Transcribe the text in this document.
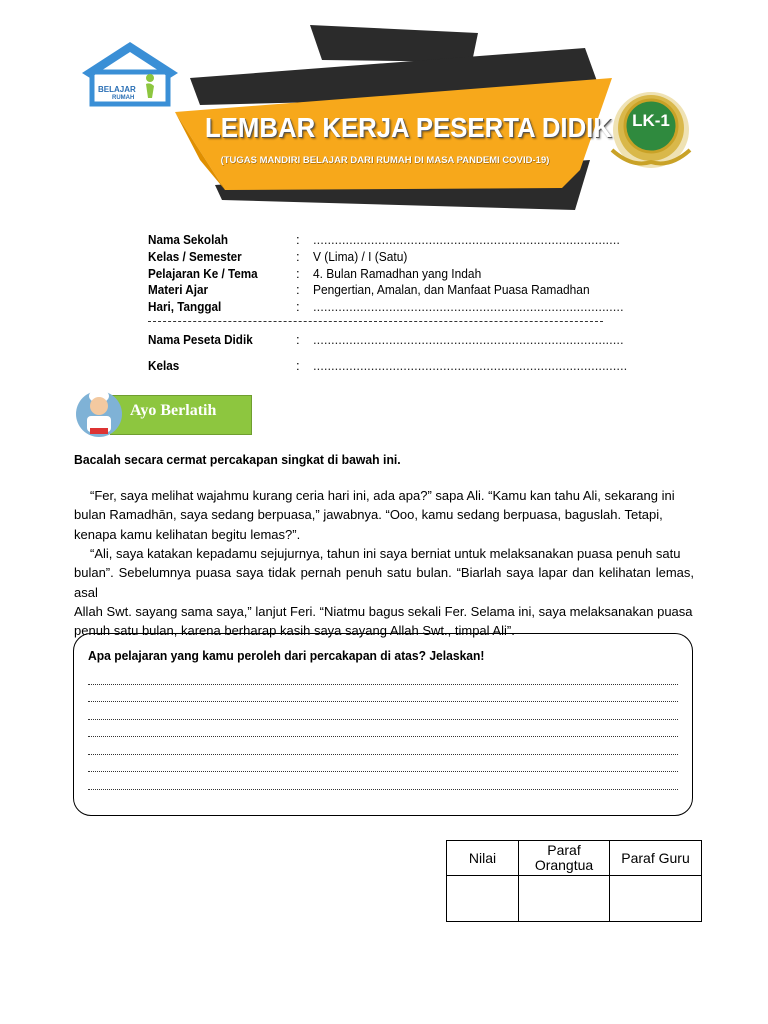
BELAJAR
RUMAH
LEMBAR KERJA PESERTA DIDIK
(TUGAS MANDIRI BELAJAR DARI RUMAH DI MASA PANDEMI COVID-19)
LK-1
Nama Sekolah	: .....................................................................................
Kelas / Semester	: V (Lima) / I (Satu)
Pelajaran Ke / Tema	: 4. Bulan Ramadhan yang Indah
Materi Ajar	: Pengertian, Amalan, dan Manfaat Puasa Ramadhan
Hari, Tanggal	: ......................................................................................
Nama Peseta Didik	: ......................................................................................
Kelas	: .......................................................................................
Ayo Berlatih
Bacalah secara cermat percakapan singkat di bawah ini.
“Fer, saya melihat wajahmu kurang ceria hari ini, ada apa?” sapa Ali. “Kamu kan tahu Ali, sekarang ini
bulan Ramadhān, saya sedang berpuasa,” jawabnya. “Ooo, kamu sedang berpuasa, baguslah. Tetapi,
kenapa kamu kelihatan begitu lemas?”.
“Ali, saya katakan kepadamu sejujurnya, tahun ini saya berniat untuk melaksanakan puasa penuh satu
bulan”. Sebelumnya puasa saya tidak pernah penuh satu bulan. “Biarlah saya lapar dan kelihatan lemas, asal
Allah Swt. sayang sama saya,” lanjut Feri. “Niatmu bagus sekali Fer. Selama ini, saya melaksanakan puasa
penuh satu bulan, karena berharap kasih saya sayang Allah Swt., timpal Ali”.
Apa pelajaran yang kamu peroleh dari percakapan di atas? Jelaskan!
Nilai	Paraf Orangtua	Paraf Guru
